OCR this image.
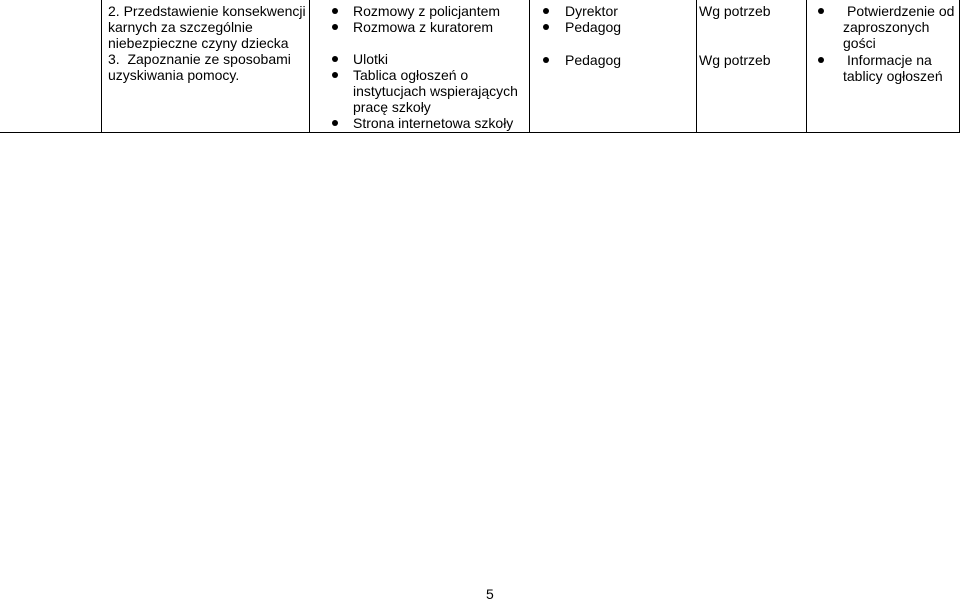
2. Przedstawienie konsekwencji
karnych za szczególnie
niebezpieczne czyny dziecka
3.  Zapoznanie ze sposobami
uzyskiwania pomocy.
Rozmowy z policjantem
Rozmowa z kuratorem
Ulotki
Tablica ogłoszeń o
instytucjach wspierających
pracę szkoły
Strona internetowa szkoły
Dyrektor
Pedagog
Pedagog
Wg potrzeb
Wg potrzeb
Potwierdzenie od
zaproszonych
gości
Informacje na
tablicy ogłoszeń
5
